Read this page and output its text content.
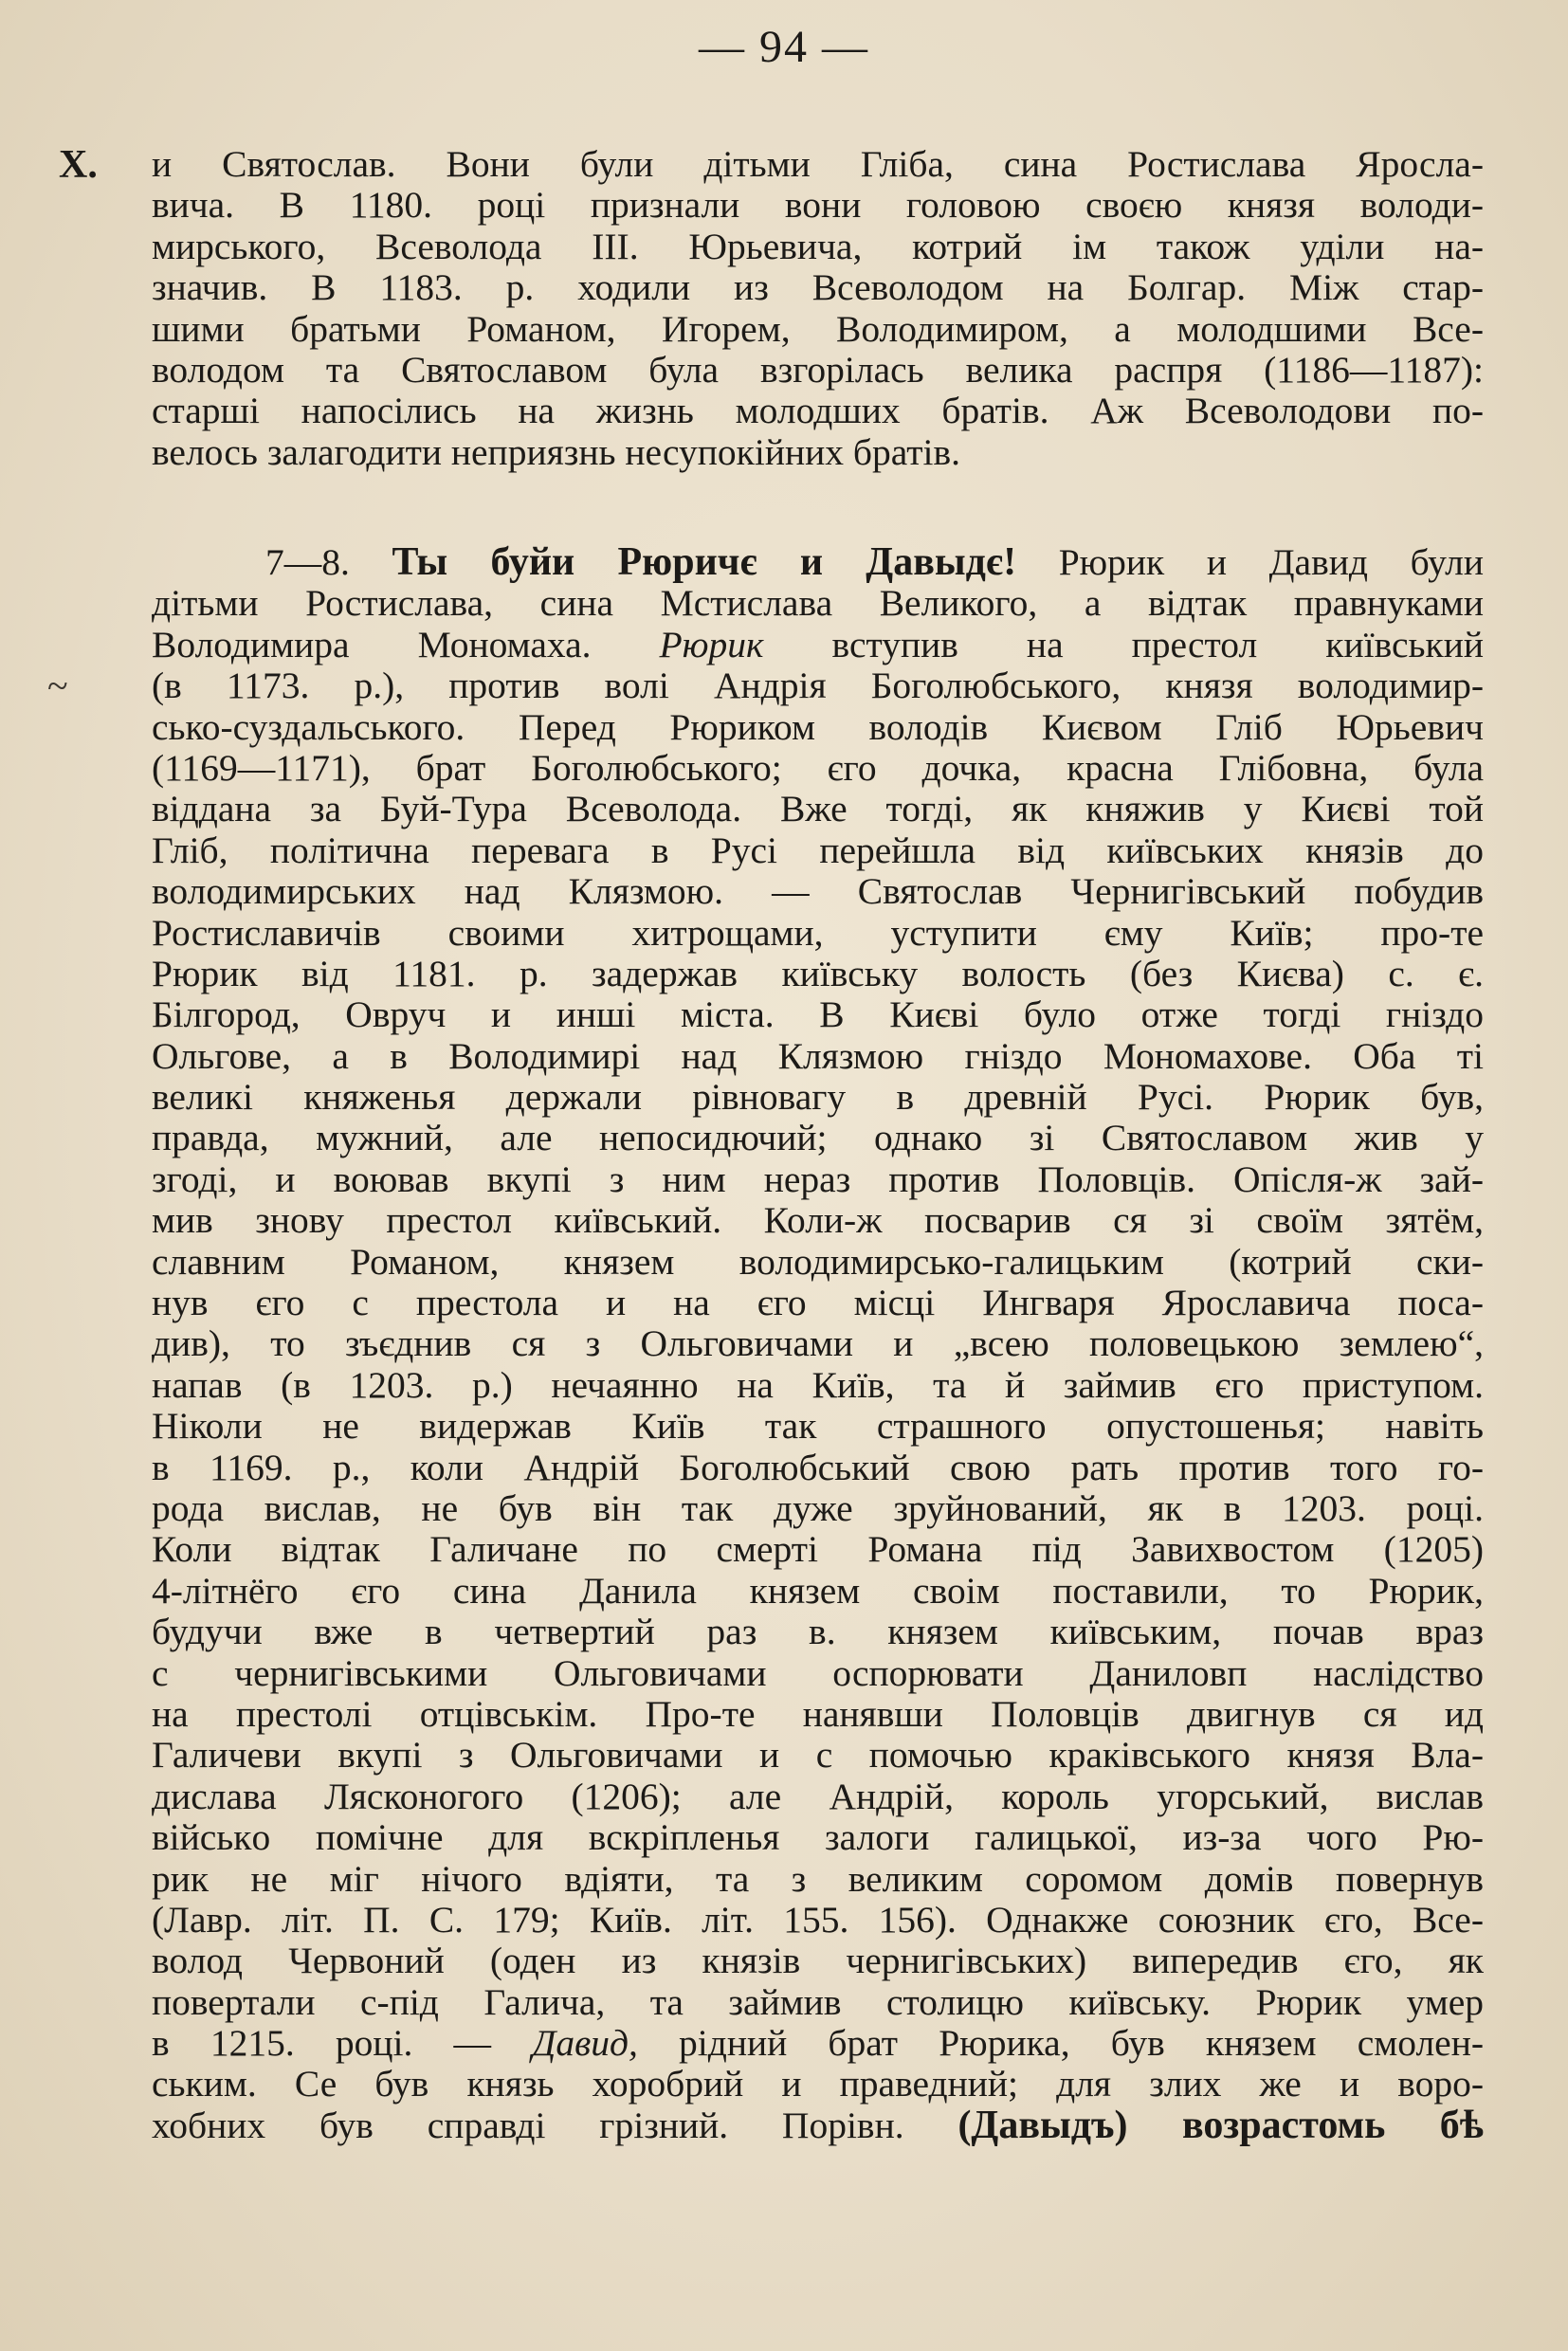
— 94 —
X.
~
и Святослав. Вони були дітьми Гліба, сина Ростислава Яросла-
вича. В 1180. році признали вони головою своєю князя володи-
мирського, Всеволода III. Юрьевича, котрий ім також уділи на-
значив. В 1183. р. ходили из Всеволодом на Болгар. Між стар-
шими братьми Романом, Игорем, Володимиром, а молодшими Все-
володом та Святославом була взгорілась велика распря (1186—1187):
старші напосілись на жизнь молодших братів. Аж Всеволодови по-
велось залагодити неприязнь несупокійних братів.
7—8. Ты буйи Рюричє и Давыдє! Рюрик и Давид були
дітьми Ростислава, сина Мстислава Великого, а відтак правнуками
Володимира Мономаха. Рюрик вступив на престол київський
(в 1173. р.), против волі Андрія Боголюбського, князя володимир-
сько-суздальського. Перед Рюриком володів Києвом Гліб Юрьевич
(1169—1171), брат Боголюбського; єго дочка, красна Глібовна, була
віддана за Буй-Тура Всеволода. Вже тогді, як княжив у Києві той
Гліб, політична перевага в Русі перейшла від київських князів до
володимирських над Клязмою. — Святослав Чернигівський побудив
Ростиславичів своими хитрощами, уступити єму Київ; про-те
Рюрик від 1181. р. задержав київську волость (без Києва) с. є.
Білгород, Овруч и инші міста. В Києві було отже тогді гніздо
Ольгове, а в Володимирі над Клязмою гніздо Мономахове. Оба ті
великі княженья держали рівновагу в древній Русі. Рюрик був,
правда, мужний, але непосидючий; однако зі Святославом жив у
згоді, и воював вкупі з ним нераз против Половців. Опісля-ж зай-
мив знову престол київський. Коли-ж посварив ся зі своїм зятём,
славним Романом, князем володимирсько-галицьким (котрий ски-
нув єго с престола и на єго місці Ингваря Ярославича поса-
див), то зъєднив ся з Ольговичами и „всею половецькою землею“,
напав (в 1203. р.) нечаянно на Київ, та й займив єго приступом.
Ніколи не видержав Київ так страшного опустошенья; навіть
в 1169. р., коли Андрій Боголюбський свою рать против того го-
рода вислав, не був він так дуже зруйнований, як в 1203. році.
Коли відтак Галичане по смерті Романа під Завихвостом (1205)
4-літнёго єго сина Данила князем своім поставили, то Рюрик,
будучи вже в четвертий раз в. князем київським, почав враз
с чернигівськими Ольговичами оспорювати Даниловп наслідство
на престолі отцівськім. Про-те нанявши Половців двигнув ся ид
Галичеви вкупі з Ольговичами и с помочью краківського князя Вла-
дислава Лясконогого (1206); але Андрій, король угорський, вислав
військo помічне для вскріпленья залоги галицької, из-за чого Рю-
рик не міг нічого вдіяти, та з великим соромом домів повернув
(Лавр. літ. П. С. 179; Київ. літ. 155. 156). Однакже союзник єго, Все-
волод Червоний (оден из князів чернигівських) випередив єго, як
повертали с-під Галича, та займив столицю київську. Рюрик умер
в 1215. році. — Давид, рідний брат Рюрика, був князем смолен-
ським. Се був князь хоробрий и праведний; для злих же и воро-
хобних був справді грізний. Порівн. (Давыдъ) возрастомь бѣ
